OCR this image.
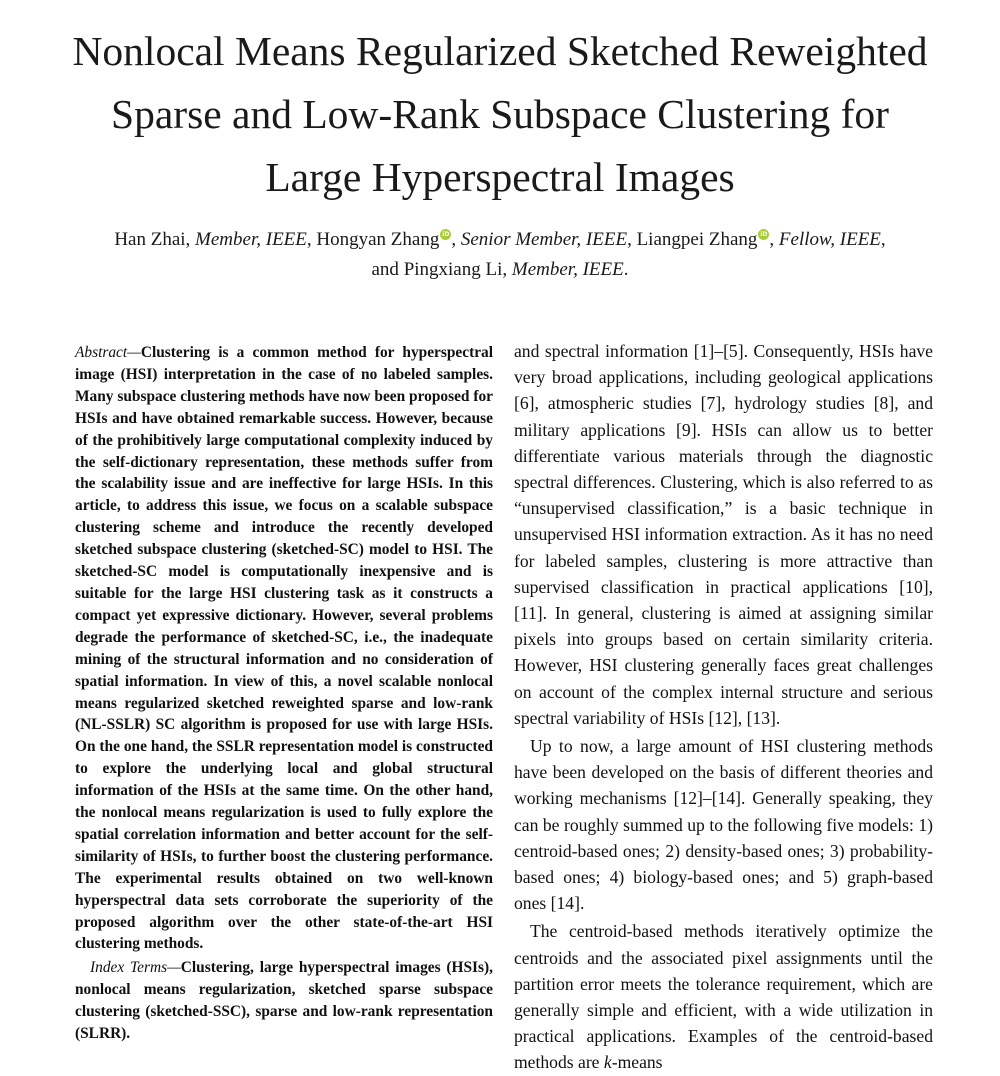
Nonlocal Means Regularized Sketched Reweighted
Sparse and Low-Rank Subspace Clustering for
Large Hyperspectral Images
Han Zhai, Member, IEEE, Hongyan Zhang iD , Senior Member, IEEE, Liangpei Zhang iD , Fellow, IEEE,
and Pingxiang Li, Member, IEEE.

Abstract—Clustering is a common method for hyperspectral image (HSI) interpretation in the case of no labeled samples. Many subspace clustering methods have now been proposed for HSIs and have obtained remarkable success. However, because of the prohibitively large computational complexity induced by the self-dictionary representation, these methods suffer from the scalability issue and are ineffective for large HSIs. In this article, to address this issue, we focus on a scalable subspace clustering scheme and introduce the recently developed sketched subspace clustering (sketched-SC) model to HSI. The sketched-SC model is computationally inexpensive and is suitable for the large HSI clustering task as it constructs a compact yet expressive dictionary. However, several problems degrade the performance of sketched-SC, i.e., the inadequate mining of the structural information and no consideration of spatial information. In view of this, a novel scalable nonlocal means regularized sketched reweighted sparse and low-rank (NL-SSLR) SC algorithm is proposed for use with large HSIs. On the one hand, the SSLR representation model is constructed to explore the underlying local and global structural information of the HSIs at the same time. On the other hand, the nonlocal means regularization is used to fully explore the spatial correlation information and better account for the self-similarity of HSIs, to further boost the clustering performance. The experimental results obtained on two well-known hyperspectral data sets corroborate the superiority of the proposed algorithm over the other state-of-the-art HSI clustering methods.

Index Terms—Clustering, large hyperspectral images (HSIs), nonlocal means regularization, sketched sparse subspace clustering (sketched-SSC), sparse and low-rank representation (SLRR).

and spectral information [1]–[5]. Consequently, HSIs have very broad applications, including geological applications [6], atmospheric studies [7], hydrology studies [8], and military applications [9]. HSIs can allow us to better differentiate various materials through the diagnostic spectral differences. Clustering, which is also referred to as “unsupervised classification,” is a basic technique in unsupervised HSI information extraction. As it has no need for labeled samples, clustering is more attractive than supervised classification in practical applications [10], [11]. In general, clustering is aimed at assigning similar pixels into groups based on certain similarity criteria. However, HSI clustering generally faces great challenges on account of the complex internal structure and serious spectral variability of HSIs [12], [13].

Up to now, a large amount of HSI clustering methods have been developed on the basis of different theories and working mechanisms [12]–[14]. Generally speaking, they can be roughly summed up to the following five models: 1) centroid-based ones; 2) density-based ones; 3) probability-based ones; 4) biology-based ones; and 5) graph-based ones [14].

The centroid-based methods iteratively optimize the centroids and the associated pixel assignments until the partition error meets the tolerance requirement, which are generally simple and efficient, with a wide utilization in practical applications. Examples of the centroid-based methods are k-means
